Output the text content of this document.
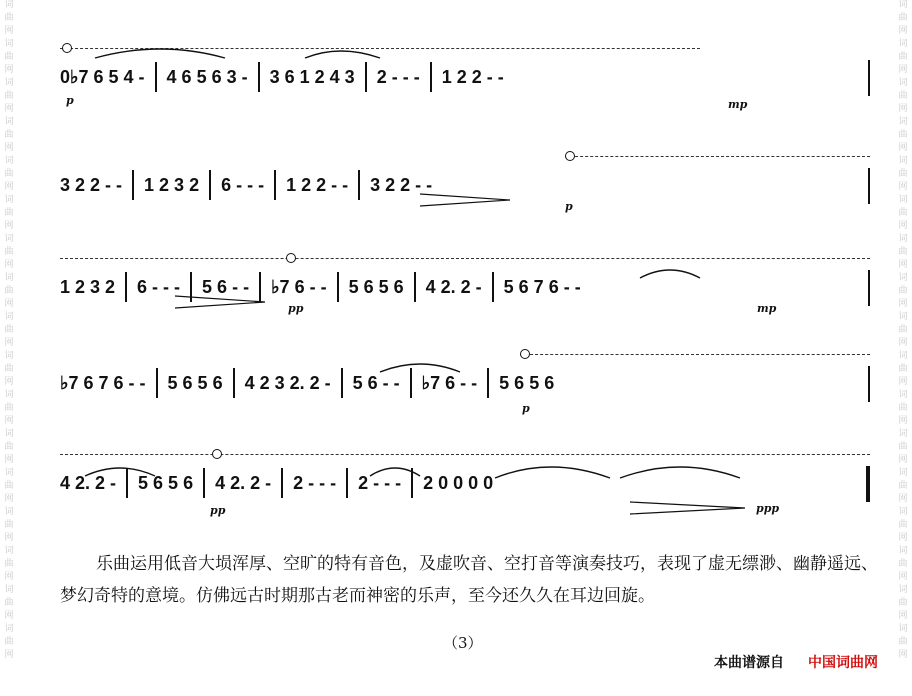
词
曲
网
词
曲
网
词
曲
网
词
曲
网
词
曲
网
词
曲
网
词
曲
网
词
曲
网
词
曲
网
词
曲
网
词
曲
网
词
曲
网
词
曲
网
词
曲
网
词
曲
网
词
曲
网
词
曲
网
词
曲
网
词
曲
网
词
曲
网
词
曲
网
词
曲
网
词
曲
网
词
曲
网
词
曲
网
词
曲
网
词
曲
网
词
曲
网
词
曲
网
词
曲
网
词
曲
网
词
曲
网
词
曲
网
词
曲
网
0♭7 6 5 4 - 4 6 5 6 3 - 3 6 1 2 4 3 2 - - - 1 2 2 - -
p	mp
3 2 2 - - 1 2 3 2 6 - - - 1 2 2 - - 3 2 2 - -
p
1 2 3 2 6 - - - 5 6 - - ♭7 6 - - 5 6 5 6 4 2. 2 - 5 6 7 6 - -
pp	mp
♭7 6 7 6 - - 5 6 5 6 4 2 3 2. 2 - 5 6 - - ♭7 6 - - 5 6 5 6
p
4 2. 2 - 5 6 5 6 4 2. 2 - 2 - - - 2 - - - 2 0 0 0 0
pp	ppp
乐曲运用低音大埙浑厚、空旷的特有音色，及虚吹音、空打音等演奏技巧，表现了虚无缥渺、幽静遥远、梦幻奇特的意境。仿佛远古时期那古老而神密的乐声，至今还久久在耳边回旋。
（3）
本曲谱源自 中国词曲网
